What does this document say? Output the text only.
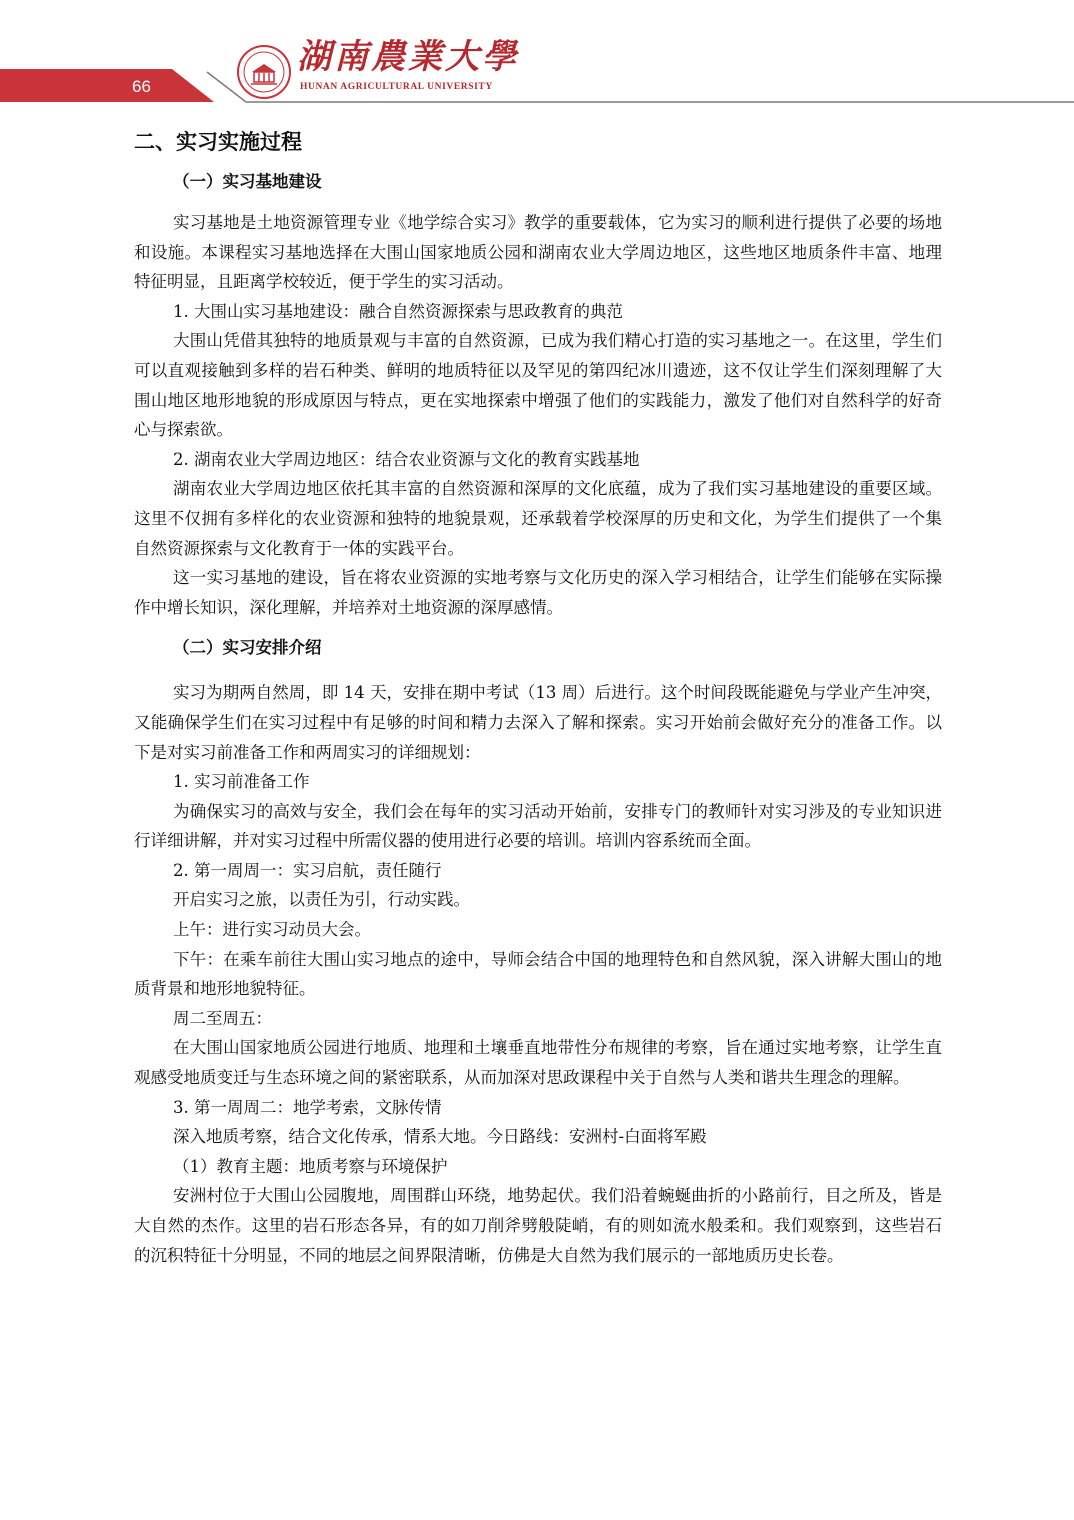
66
湖南農業大學
HUNAN AGRICULTURAL UNIVERSITY
二、实习实施过程
（一）实习基地建设

实习基地是土地资源管理专业《地学综合实习》教学的重要载体，它为实习的顺利进行提供了必要的场地和设施。本课程实习基地选择在大围山国家地质公园和湖南农业大学周边地区，这些地区地质条件丰富、地理特征明显，且距离学校较近，便于学生的实习活动。

1. 大围山实习基地建设：融合自然资源探索与思政教育的典范

大围山凭借其独特的地质景观与丰富的自然资源，已成为我们精心打造的实习基地之一。在这里，学生们可以直观接触到多样的岩石种类、鲜明的地质特征以及罕见的第四纪冰川遗迹，这不仅让学生们深刻理解了大围山地区地形地貌的形成原因与特点，更在实地探索中增强了他们的实践能力，激发了他们对自然科学的好奇心与探索欲。

2. 湖南农业大学周边地区：结合农业资源与文化的教育实践基地

湖南农业大学周边地区依托其丰富的自然资源和深厚的文化底蕴，成为了我们实习基地建设的重要区域。这里不仅拥有多样化的农业资源和独特的地貌景观，还承载着学校深厚的历史和文化，为学生们提供了一个集自然资源探索与文化教育于一体的实践平台。

这一实习基地的建设，旨在将农业资源的实地考察与文化历史的深入学习相结合，让学生们能够在实际操作中增长知识，深化理解，并培养对土地资源的深厚感情。

（二）实习安排介绍

实习为期两自然周，即 14 天，安排在期中考试（13 周）后进行。这个时间段既能避免与学业产生冲突，又能确保学生们在实习过程中有足够的时间和精力去深入了解和探索。实习开始前会做好充分的准备工作。以下是对实习前准备工作和两周实习的详细规划：

1. 实习前准备工作

为确保实习的高效与安全，我们会在每年的实习活动开始前，安排专门的教师针对实习涉及的专业知识进行详细讲解，并对实习过程中所需仪器的使用进行必要的培训。培训内容系统而全面。

2. 第一周周一：实习启航，责任随行

开启实习之旅，以责任为引，行动实践。

上午：进行实习动员大会。

下午：在乘车前往大围山实习地点的途中，导师会结合中国的地理特色和自然风貌，深入讲解大围山的地质背景和地形地貌特征。

周二至周五：

在大围山国家地质公园进行地质、地理和土壤垂直地带性分布规律的考察，旨在通过实地考察，让学生直观感受地质变迁与生态环境之间的紧密联系，从而加深对思政课程中关于自然与人类和谐共生理念的理解。

3. 第一周周二：地学考索，文脉传情

深入地质考察，结合文化传承，情系大地。今日路线：安洲村-白面将军殿

（1）教育主题：地质考察与环境保护

安洲村位于大围山公园腹地，周围群山环绕，地势起伏。我们沿着蜿蜒曲折的小路前行，目之所及，皆是大自然的杰作。这里的岩石形态各异，有的如刀削斧劈般陡峭，有的则如流水般柔和。我们观察到，这些岩石的沉积特征十分明显，不同的地层之间界限清晰，仿佛是大自然为我们展示的一部地质历史长卷。
